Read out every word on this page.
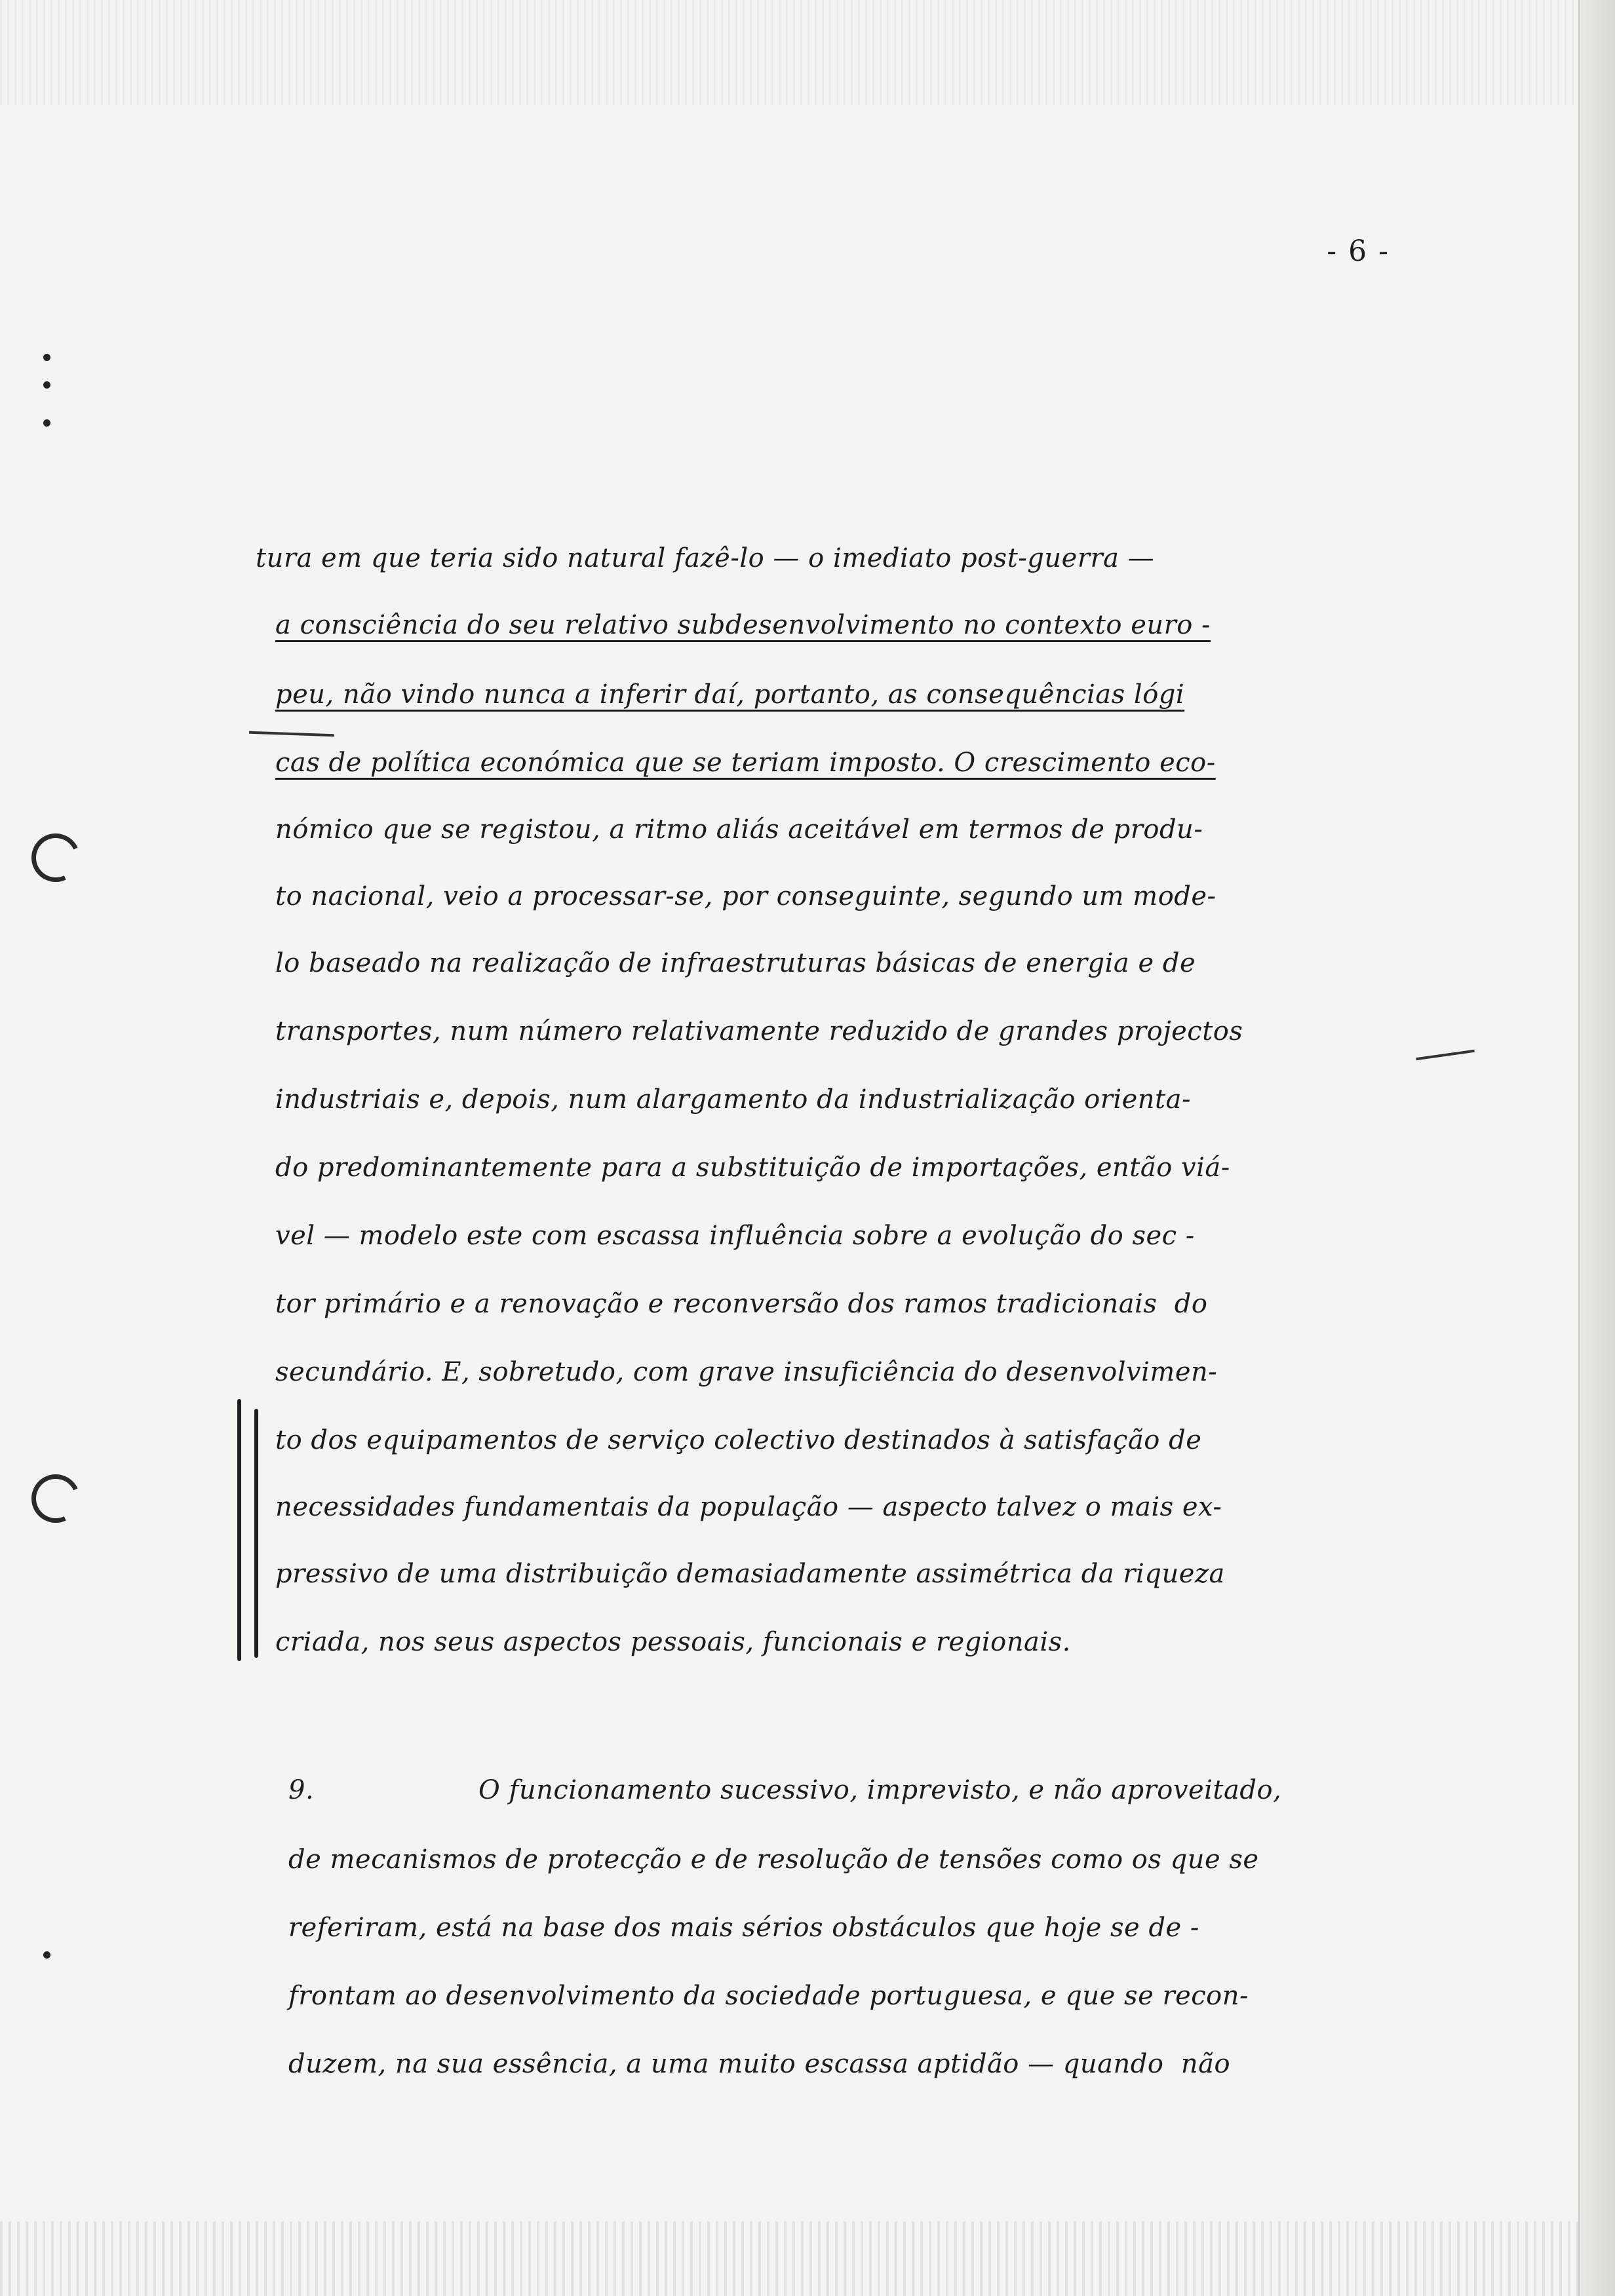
- 6 -

tura em que teria sido natural fazê-lo — o imediato post-guerra —

a consciência do seu relativo subdesenvolvimento no contexto euro -

peu, não vindo nunca a inferir daí, portanto, as consequências lógi

cas de política económica que se teriam imposto. O crescimento eco-

nómico que se registou, a ritmo aliás aceitável em termos de produ-

to nacional, veio a processar-se, por conseguinte, segundo um mode-

lo baseado na realização de infraestruturas básicas de energia e de

transportes, num número relativamente reduzido de grandes projectos

industriais e, depois, num alargamento da industrialização orienta-

do predominantemente para a substituição de importações, então viá-

vel — modelo este com escassa influência sobre a evolução do sec -

tor primário e a renovação e reconversão dos ramos tradicionais  do

secundário. E, sobretudo, com grave insuficiência do desenvolvimen-

to dos equipamentos de serviço colectivo destinados à satisfação de

necessidades fundamentais da população — aspecto talvez o mais ex-

pressivo de uma distribuição demasiadamente assimétrica da riqueza

criada, nos seus aspectos pessoais, funcionais e regionais.

9.	O funcionamento sucessivo, imprevisto, e não aproveitado,

de mecanismos de protecção e de resolução de tensões como os que se

referiram, está na base dos mais sérios obstáculos que hoje se de -

frontam ao desenvolvimento da sociedade portuguesa, e que se recon-

duzem, na sua essência, a uma muito escassa aptidão — quando  não
